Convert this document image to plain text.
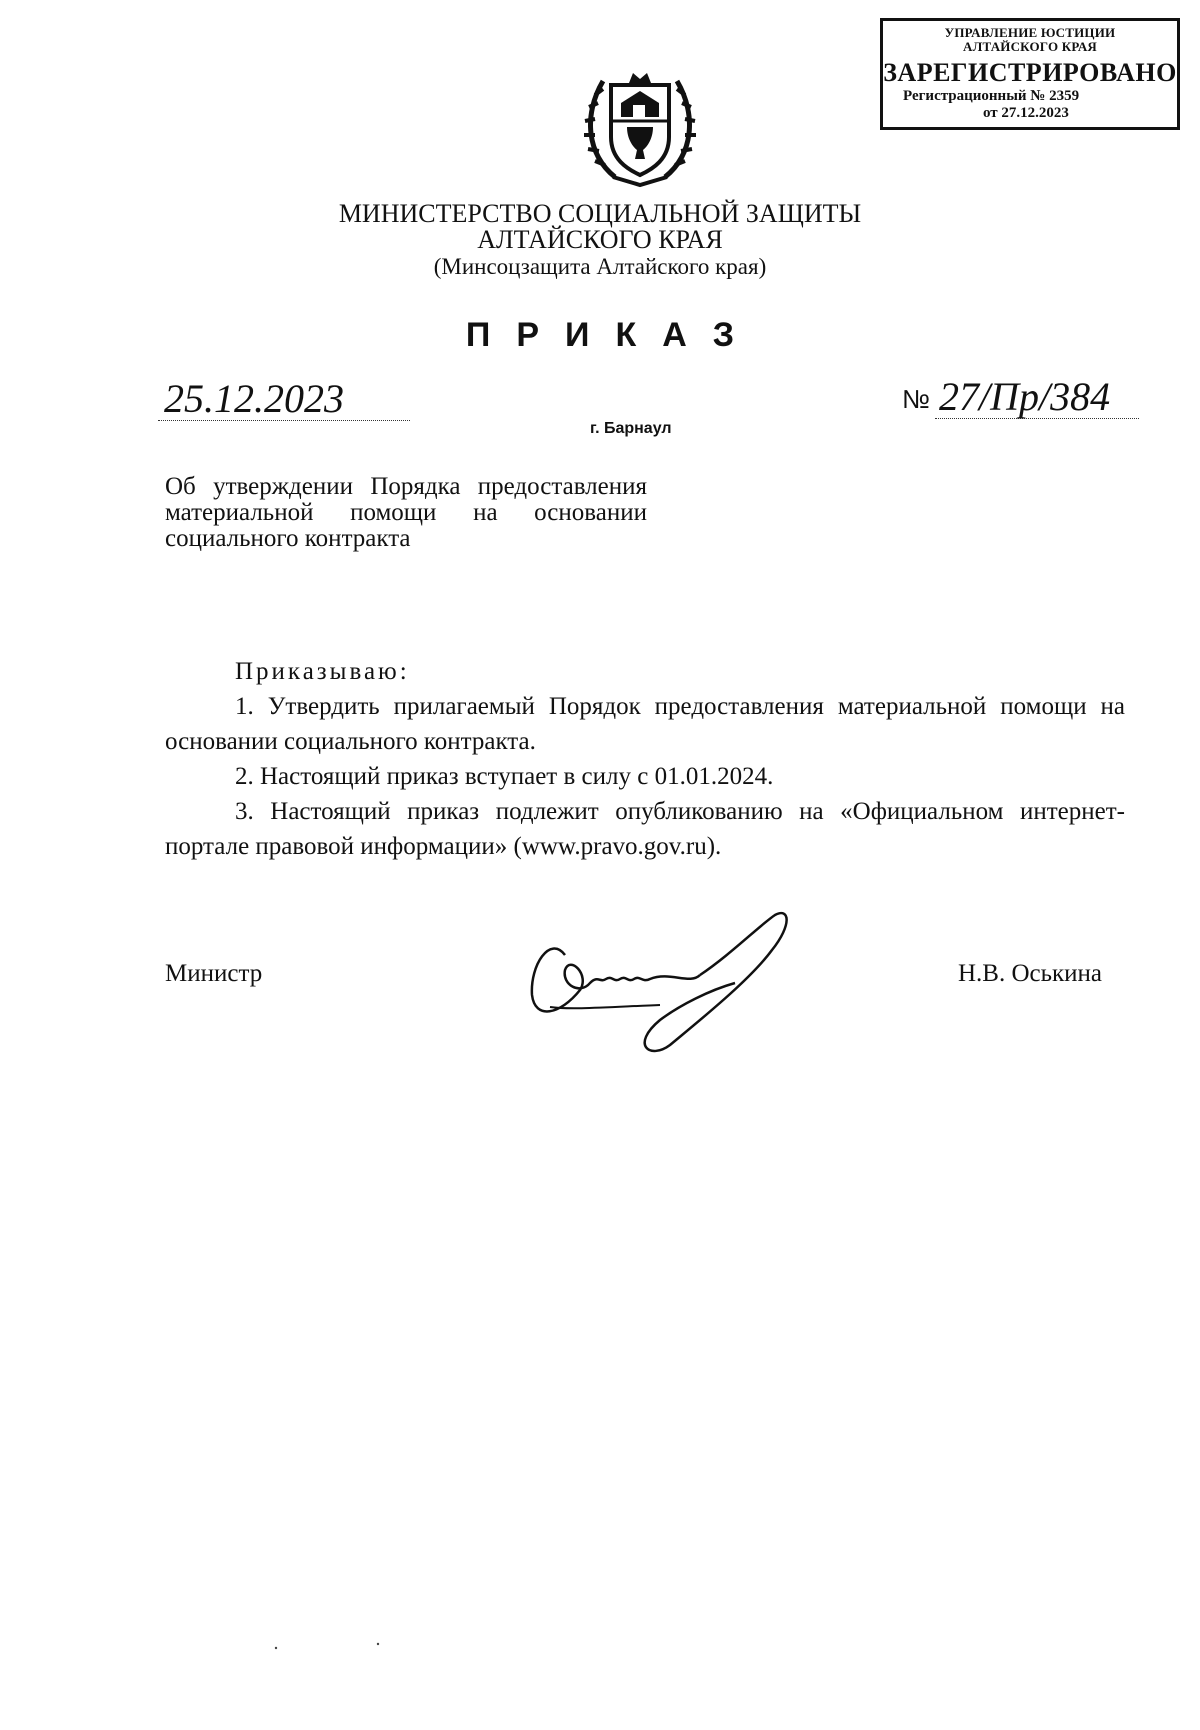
УПРАВЛЕНИЕ ЮСТИЦИИ
АЛТАЙСКОГО КРАЯ
ЗАРЕГИСТРИРОВАНО
Регистрационный № 2359
от 27.12.2023
МИНИСТЕРСТВО СОЦИАЛЬНОЙ ЗАЩИТЫ
АЛТАЙСКОГО КРАЯ
(Минсоцзащита Алтайского края)
ПРИКАЗ
25.12.2023	№ 27/Пр/384
г. Барнаул
Об утверждении Порядка предоставления материальной помощи на основании социального контракта

Приказываю:

1. Утвердить прилагаемый Порядок предоставления материальной помощи на основании социального контракта.

2. Настоящий приказ вступает в силу с 01.01.2024.

3. Настоящий приказ подлежит опубликованию на «Официальном интернет-портале правовой информации» (www.pravo.gov.ru).

Министр	Н.В. Оськина
